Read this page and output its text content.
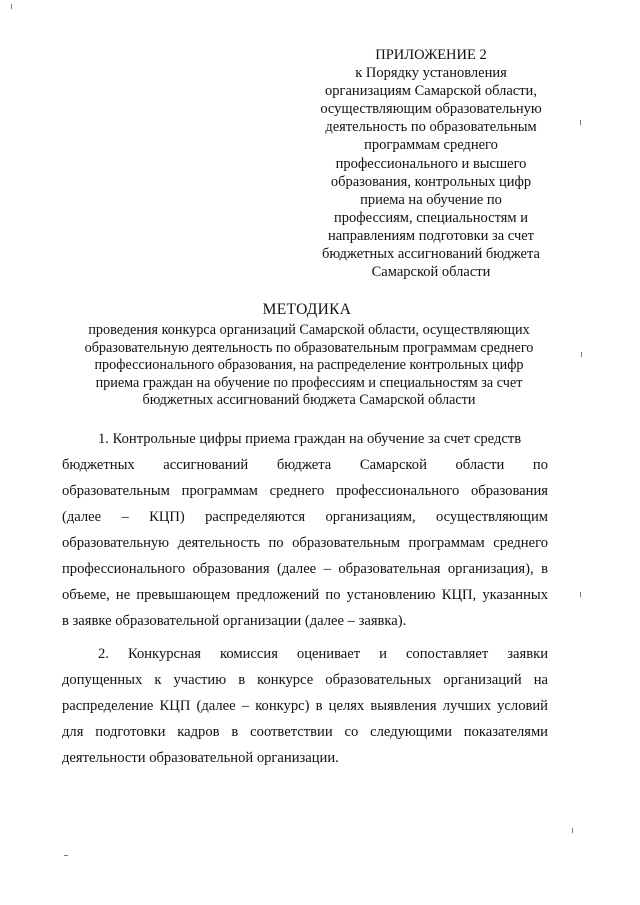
ПРИЛОЖЕНИЕ 2
к Порядку установления
организациям Самарской области,
осуществляющим образовательную
деятельность по образовательным
программам среднего
профессионального и высшего
образования, контрольных цифр
приема на обучение по
профессиям, специальностям и
направлениям подготовки за счет
бюджетных ассигнований бюджета
Самарской области
МЕТОДИКА
проведения конкурса организаций Самарской области, осуществляющих
образовательную деятельность по образовательным программам среднего
профессионального образования, на распределение контрольных цифр
приема граждан на обучение по профессиям и специальностям за счет
бюджетных ассигнований бюджета Самарской области
1. Контрольные цифры приема граждан на обучение за счет средств
бюджетных ассигнований бюджета Самарской области по
образовательным программам среднего профессионального образования
(далее – КЦП) распределяются организациям, осуществляющим
образовательную деятельность по образовательным программам среднего
профессионального образования (далее – образовательная организация), в
объеме, не превышающем предложений по установлению КЦП, указанных
в заявке образовательной организации (далее – заявка).
2. Конкурсная комиссия оценивает и сопоставляет заявки
допущенных к участию в конкурсе образовательных организаций на
распределение КЦП (далее – конкурс) в целях выявления лучших условий
для подготовки кадров в соответствии со следующими показателями
деятельности образовательной организации.
